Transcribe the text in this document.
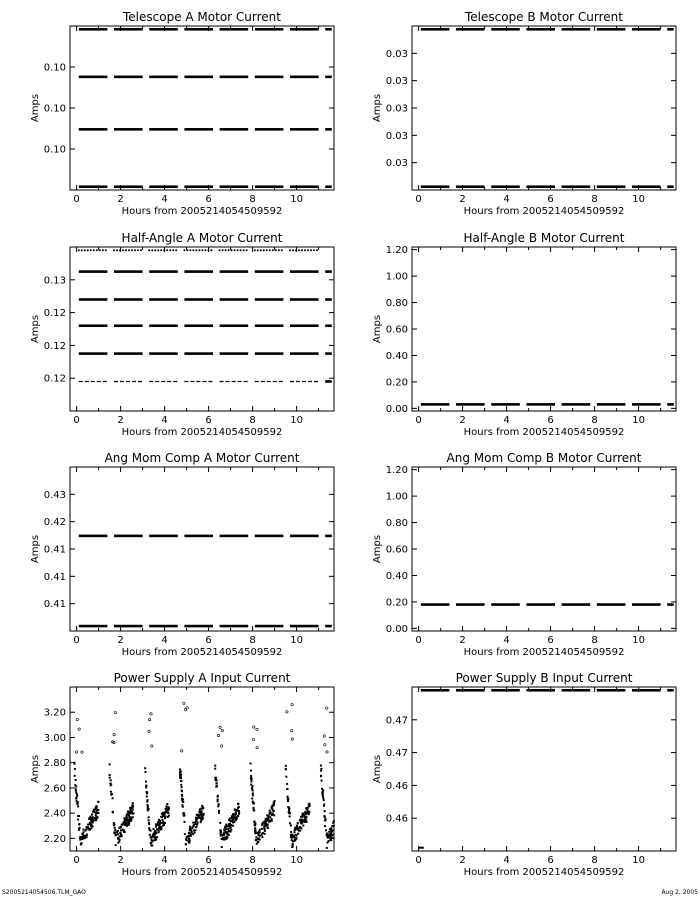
Telescope A Motor Current
0	2	4	6	8	10
0.10
0.10
0.10
Hours from 2005214054509592
Amps
Telescope B Motor Current
0	2	4	6	8	10
0.03
0.03
0.03
0.03
0.03
Hours from 2005214054509592
Amps
Half-Angle A Motor Current
0	2	4	6	8	10
0.12
0.12
0.12
0.13
Hours from 2005214054509592
Amps
Half-Angle B Motor Current
0	2	4	6	8	10
0.00
0.20
0.40
0.60
0.80
1.00
1.20
Hours from 2005214054509592
Amps
Ang Mom Comp A Motor Current
0	2	4	6	8	10
0.41
0.41
0.41
0.42
0.43
Hours from 2005214054509592
Amps
Ang Mom Comp B Motor Current
0	2	4	6	8	10
0.00
0.20
0.40
0.60
0.80
1.00
1.20
Hours from 2005214054509592
Amps
Power Supply A Input Current
0	2	4	6	8	10
2.20
2.40
2.60
2.80
3.00
3.20
Hours from 2005214054509592
Amps
Power Supply B Input Current
0	2	4	6	8	10
0.46
0.46
0.47
0.47
Hours from 2005214054509592
Amps
S2005214054506.TLM_GAO	Aug 2, 2005
